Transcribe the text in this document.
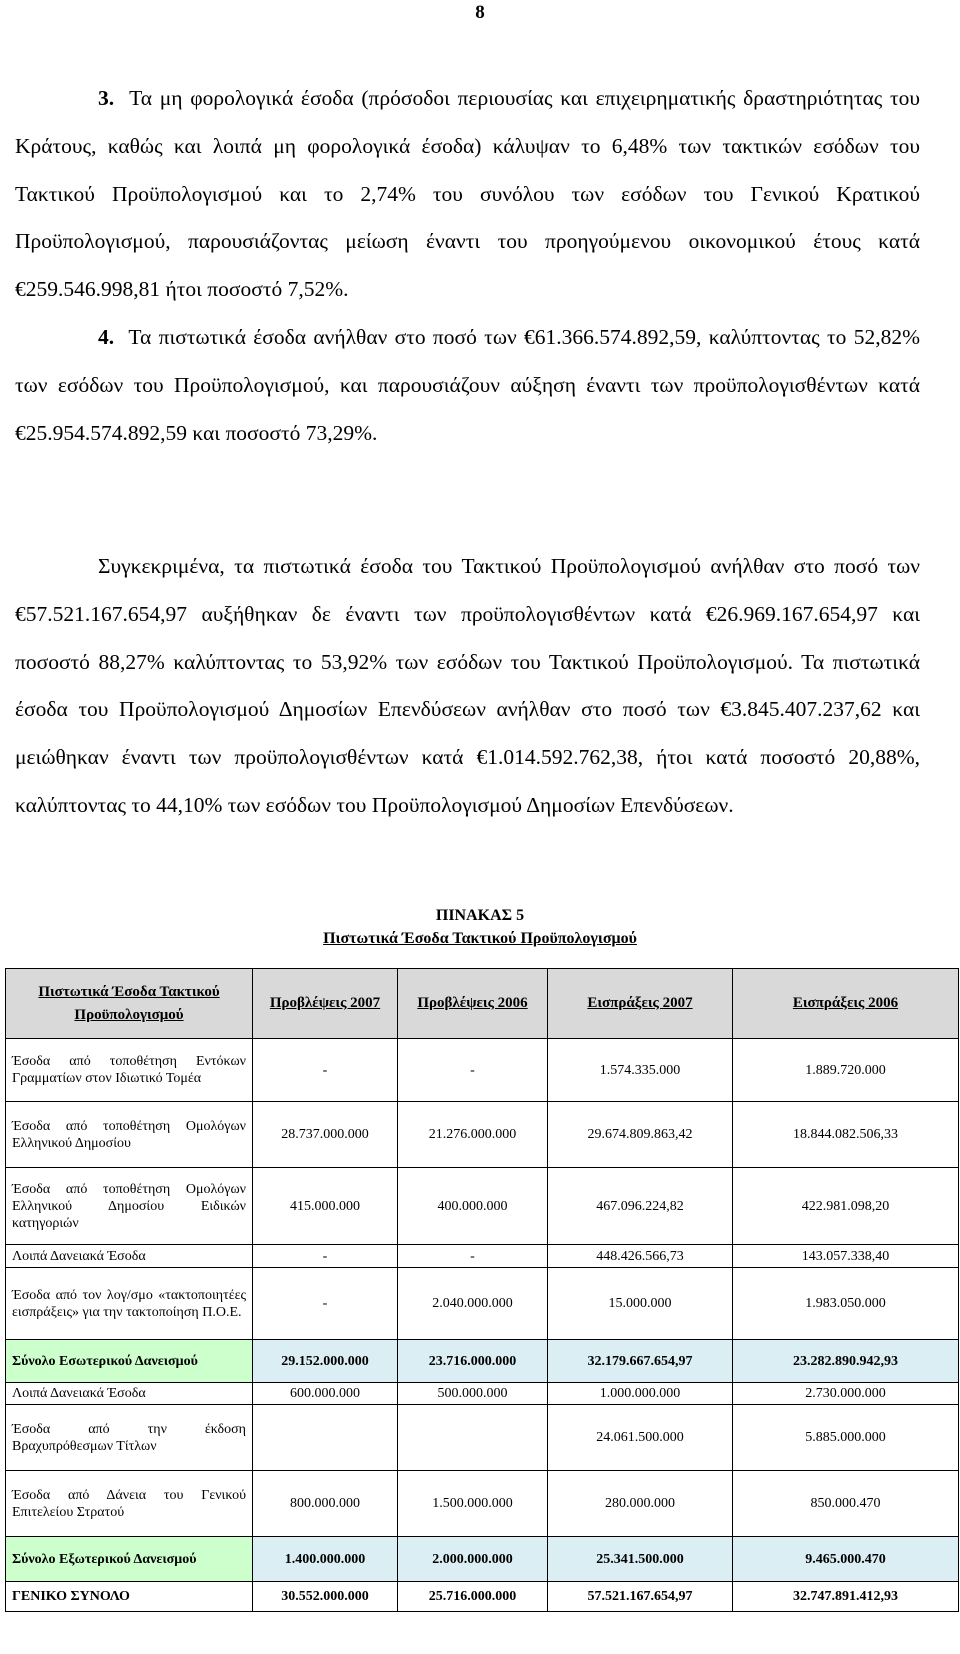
8

3. Τα μη φορολογικά έσοδα (πρόσοδοι περιουσίας και επιχειρηματικής δραστηριότητας του Κράτους, καθώς και λοιπά μη φορολογικά έσοδα) κάλυψαν το 6,48% των τακτικών εσόδων του Τακτικού Προϋπολογισμού και το 2,74% του συνόλου των εσόδων του Γενικού Κρατικού Προϋπολογισμού, παρουσιάζοντας μείωση έναντι του προηγούμενου οικονομικού έτους κατά €259.546.998,81 ήτοι ποσοστό 7,52%.

4. Τα πιστωτικά έσοδα ανήλθαν στο ποσό των €61.366.574.892,59, καλύπτοντας το 52,82% των εσόδων του Προϋπολογισμού, και παρουσιάζουν αύξηση έναντι των προϋπολογισθέντων κατά €25.954.574.892,59 και ποσοστό 73,29%.

Συγκεκριμένα, τα πιστωτικά έσοδα του Τακτικού Προϋπολογισμού ανήλθαν στο ποσό των €57.521.167.654,97 αυξήθηκαν δε έναντι των προϋπολογισθέντων κατά €26.969.167.654,97 και ποσοστό 88,27% καλύπτοντας το 53,92% των εσόδων του Τακτικού Προϋπολογισμού. Τα πιστωτικά έσοδα του Προϋπολογισμού Δημοσίων Επενδύσεων ανήλθαν στο ποσό των €3.845.407.237,62 και μειώθηκαν έναντι των προϋπολογισθέντων κατά €1.014.592.762,38, ήτοι κατά ποσοστό 20,88%, καλύπτοντας το 44,10% των εσόδων του Προϋπολογισμού Δημοσίων Επενδύσεων.

ΠΙΝΑΚΑΣ 5
Πιστωτικά Έσοδα Τακτικού Προϋπολογισμού
Πιστωτικά Έσοδα Τακτικού Προϋπολογισμού	Προβλέψεις 2007	Προβλέψεις 2006	Εισπράξεις 2007	Εισπράξεις 2006
Έσοδα από τοποθέτηση Εντόκων Γραμματίων στον Ιδιωτικό Τομέα	-	-	1.574.335.000	1.889.720.000
Έσοδα από τοποθέτηση Ομολόγων Ελληνικού Δημοσίου	28.737.000.000	21.276.000.000	29.674.809.863,42	18.844.082.506,33
Έσοδα από τοποθέτηση Ομολόγων Ελληνικού Δημοσίου Ειδικών κατηγοριών	415.000.000	400.000.000	467.096.224,82	422.981.098,20
Λοιπά Δανειακά Έσοδα	-	-	448.426.566,73	143.057.338,40
Έσοδα από τον λογ/σμο «τακτοποιητέες εισπράξεις» για την τακτοποίηση Π.Ο.Ε.	-	2.040.000.000	15.000.000	1.983.050.000
Σύνολο Εσωτερικού Δανεισμού	29.152.000.000	23.716.000.000	32.179.667.654,97	23.282.890.942,93
Λοιπά Δανειακά Έσοδα	600.000.000	500.000.000	1.000.000.000	2.730.000.000
Έσοδα από την έκδοση Βραχυπρόθεσμων Τίτλων			24.061.500.000	5.885.000.000
Έσοδα από Δάνεια του Γενικού Επιτελείου Στρατού	800.000.000	1.500.000.000	280.000.000	850.000.470
Σύνολο Εξωτερικού Δανεισμού	1.400.000.000	2.000.000.000	25.341.500.000	9.465.000.470
ΓΕΝΙΚΟ ΣΥΝΟΛΟ	30.552.000.000	25.716.000.000	57.521.167.654,97	32.747.891.412,93
